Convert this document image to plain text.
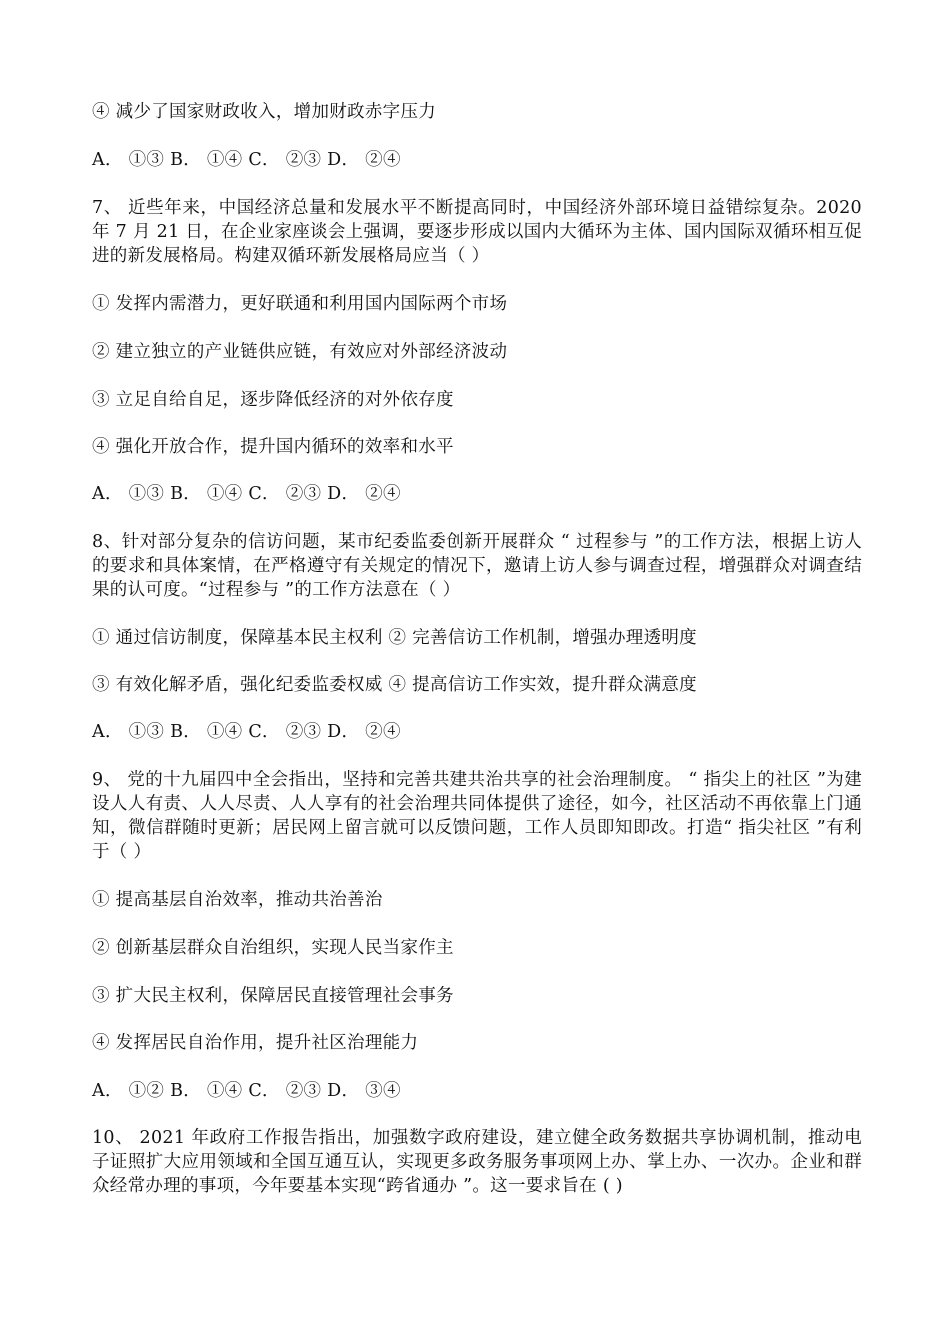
④ 减少了国家财政收入，增加财政赤字压力
A． ①③ B． ①④ C． ②③ D． ②④
7、 近些年来，中国经济总量和发展水平不断提高同时，中国经济外部环境日益错综复杂。2020 年 7 月 21 日，在企业家座谈会上强调，要逐步形成以国内大循环为主体、国内国际双循环相互促进的新发展格局。构建双循环新发展格局应当（ ）
① 发挥内需潜力，更好联通和利用国内国际两个市场
② 建立独立的产业链供应链，有效应对外部经济波动
③ 立足自给自足，逐步降低经济的对外依存度
④ 强化开放合作，提升国内循环的效率和水平
A． ①③ B． ①④ C． ②③ D． ②④
8、针对部分复杂的信访问题，某市纪委监委创新开展群众 “ 过程参与 ”的工作方法，根据上访人的要求和具体案情，在严格遵守有关规定的情况下，邀请上访人参与调查过程，增强群众对调查结果的认可度。“过程参与 ”的工作方法意在（ ）
① 通过信访制度，保障基本民主权利 ② 完善信访工作机制，增强办理透明度
③ 有效化解矛盾，强化纪委监委权威 ④ 提高信访工作实效，提升群众满意度
A． ①③ B． ①④ C． ②③ D． ②④
9、 党的十九届四中全会指出，坚持和完善共建共治共享的社会治理制度。 “ 指尖上的社区 ”为建设人人有责、人人尽责、人人享有的社会治理共同体提供了途径，如今，社区活动不再依靠上门通知，微信群随时更新；居民网上留言就可以反馈问题，工作人员即知即改。打造“ 指尖社区 ”有利于（ ）
① 提高基层自治效率，推动共治善治
② 创新基层群众自治组织，实现人民当家作主
③ 扩大民主权利，保障居民直接管理社会事务
④ 发挥居民自治作用，提升社区治理能力
A． ①② B． ①④ C． ②③ D． ③④
10、 2021 年政府工作报告指出，加强数字政府建设，建立健全政务数据共享协调机制，推动电子证照扩大应用领域和全国互通互认，实现更多政务服务事项网上办、掌上办、一次办。企业和群众经常办理的事项，今年要基本实现“跨省通办 ”。这一要求旨在 ( )
